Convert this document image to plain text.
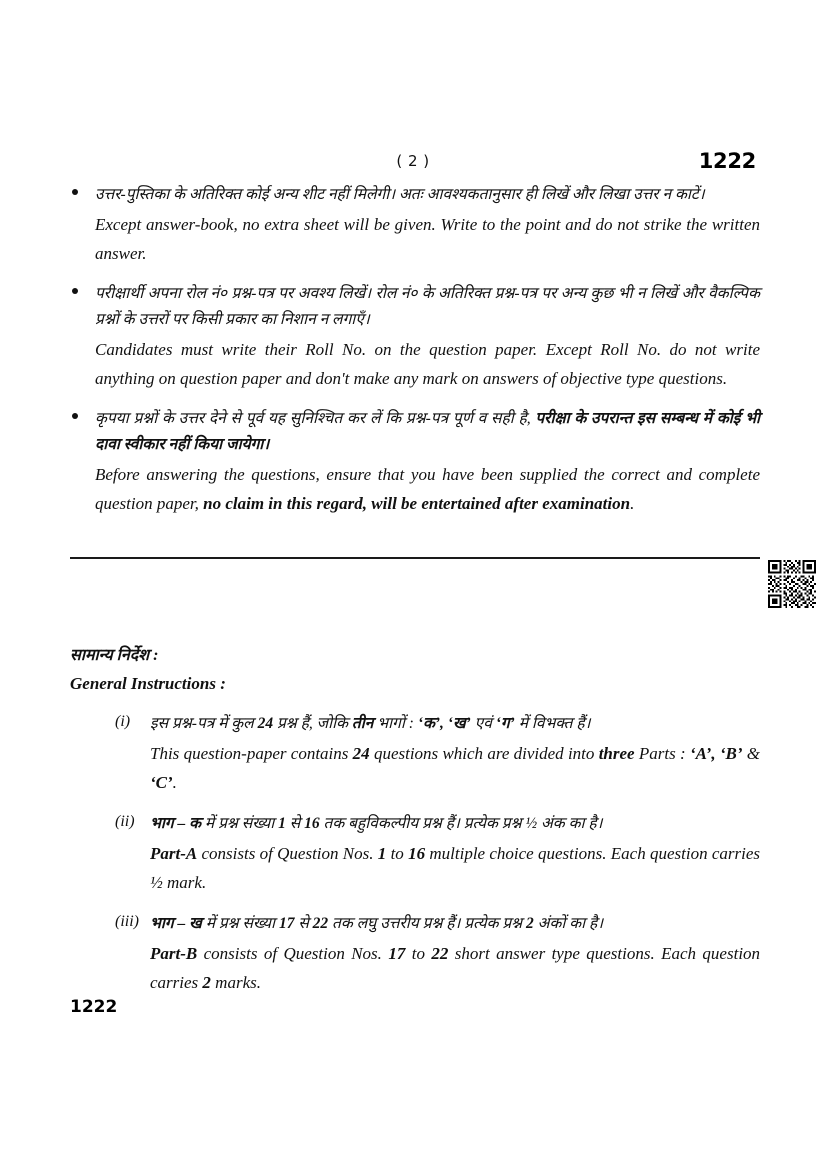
( 2 )	1222
उत्तर-पुस्तिका के अतिरिक्त कोई अन्य शीट नहीं मिलेगी। अतः आवश्यकतानुसार ही लिखें और लिखा उत्तर न काटें।
Except answer-book, no extra sheet will be given. Write to the point and do not strike the written answer.
परीक्षार्थी अपना रोल नं० प्रश्न-पत्र पर अवश्य लिखें। रोल नं० के अतिरिक्त प्रश्न-पत्र पर अन्य कुछ भी न लिखें और वैकल्पिक प्रश्नों के उत्तरों पर किसी प्रकार का निशान न लगाएँ।
Candidates must write their Roll No. on the question paper. Except Roll No. do not write anything on question paper and don't make any mark on answers of objective type questions.
कृपया प्रश्नों के उत्तर देने से पूर्व यह सुनिश्चित कर लें कि प्रश्न-पत्र पूर्ण व सही है, परीक्षा के उपरान्त इस सम्बन्ध में कोई भी दावा स्वीकार नहीं किया जायेगा।
Before answering the questions, ensure that you have been supplied the correct and complete question paper, no claim in this regard, will be entertained after examination.
सामान्य निर्देश :
General Instructions :
(i)	इस प्रश्न-पत्र में कुल 24 प्रश्न हैं, जोकि तीन भागों : ‘क’, ‘ख’ एवं ‘ग’ में विभक्त हैं।
This question-paper contains 24 questions which are divided into three Parts : ‘A’, ‘B’ & ‘C’.
(ii) भाग – क में प्रश्न संख्या 1 से 16 तक बहुविकल्पीय प्रश्न हैं। प्रत्येक प्रश्न ½ अंक का है।
Part-A consists of Question Nos. 1 to 16 multiple choice questions. Each question carries ½ mark.
(iii) भाग – ख में प्रश्न संख्या 17 से 22 तक लघु उत्तरीय प्रश्न हैं। प्रत्येक प्रश्न 2 अंकों का है।
Part-B consists of Question Nos. 17 to 22 short answer type questions. Each question carries 2 marks.
1222
